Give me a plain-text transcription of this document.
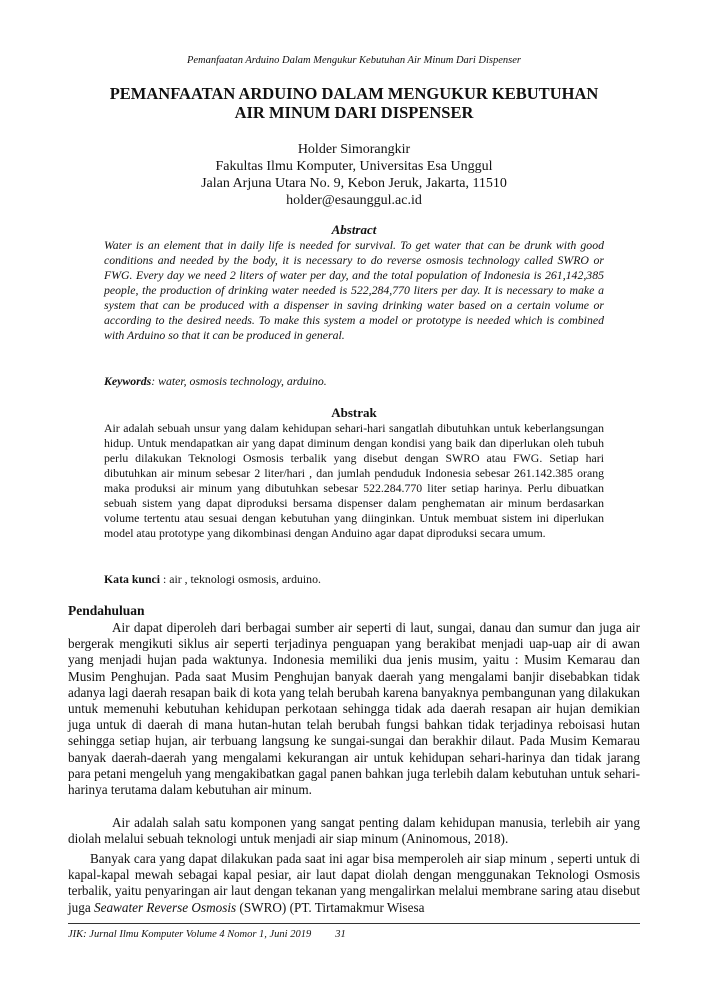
Pemanfaatan Arduino Dalam Mengukur Kebutuhan Air Minum Dari Dispenser
PEMANFAATAN ARDUINO DALAM MENGUKUR KEBUTUHAN
AIR MINUM DARI DISPENSER
Holder Simorangkir
Fakultas Ilmu Komputer, Universitas Esa Unggul
Jalan Arjuna Utara No. 9, Kebon Jeruk, Jakarta, 11510
holder@esaunggul.ac.id
Abstract

Water is an element that in daily life is needed for survival. To get water that can be drunk with good conditions and needed by the body, it is necessary to do reverse osmosis technology called SWRO or FWG. Every day we need 2 liters of water per day, and the total population of Indonesia is 261,142,385 people, the production of drinking water needed is 522,284,770 liters per day. It is necessary to make a system that can be produced with a dispenser in saving drinking water based on a certain volume or according to the desired needs. To make this system a model or prototype is needed which is combined with Arduino so that it can be produced in general.

Keywords: water, osmosis technology, arduino.

Abstrak

Air adalah sebuah unsur yang dalam kehidupan sehari-hari sangatlah dibutuhkan untuk keberlangsungan hidup. Untuk mendapatkan air yang dapat diminum dengan kondisi yang baik dan diperlukan oleh tubuh perlu dilakukan Teknologi Osmosis terbalik yang disebut dengan SWRO atau FWG. Setiap hari dibutuhkan air minum sebesar 2 liter/hari , dan jumlah penduduk Indonesia sebesar 261.142.385 orang maka produksi air minum yang dibutuhkan sebesar 522.284.770 liter setiap harinya. Perlu dibuatkan sebuah sistem yang dapat diproduksi bersama dispenser dalam penghematan air minum berdasarkan volume tertentu atau sesuai dengan kebutuhan yang diinginkan. Untuk membuat sistem ini diperlukan model atau prototype yang dikombinasi dengan Anduino agar dapat diproduksi secara umum.

Kata kunci : air , teknologi osmosis, arduino.

Pendahuluan

Air dapat diperoleh dari berbagai sumber air seperti di laut, sungai, danau dan sumur dan juga air bergerak mengikuti siklus air seperti terjadinya penguapan yang berakibat menjadi uap-uap air di awan yang menjadi hujan pada waktunya. Indonesia memiliki dua jenis musim, yaitu : Musim Kemarau dan Musim Penghujan. Pada saat Musim Penghujan banyak daerah yang mengalami banjir disebabkan tidak adanya lagi daerah resapan baik di kota yang telah berubah karena banyaknya pembangunan yang dilakukan untuk memenuhi kebutuhan kehidupan perkotaan sehingga tidak ada daerah resapan air hujan demikian juga untuk di daerah di mana hutan-hutan telah berubah fungsi bahkan tidak terjadinya reboisasi hutan sehingga setiap hujan, air terbuang langsung ke sungai-sungai dan berakhir dilaut. Pada Musim Kemarau banyak daerah-daerah yang mengalami kekurangan air untuk kehidupan sehari-harinya dan tidak jarang para petani mengeluh yang mengakibatkan gagal panen bahkan juga terlebih dalam kebutuhan untuk sehari-harinya terutama dalam kebutuhan air minum.

Air adalah salah satu komponen yang sangat penting dalam kehidupan manusia, terlebih air yang diolah melalui sebuah teknologi untuk menjadi air siap minum (Aninomous, 2018).

Banyak cara yang dapat dilakukan pada saat ini agar bisa memperoleh air siap minum , seperti untuk di kapal-kapal mewah sebagai kapal pesiar, air laut dapat diolah dengan menggunakan Teknologi Osmosis terbalik, yaitu penyaringan air laut dengan tekanan yang mengalirkan melalui membrane saring atau disebut juga Seawater Reverse Osmosis (SWRO) (PT. Tirtamakmur Wisesa

JIK: Jurnal Ilmu Komputer Volume 4 Nomor 1, Juni 2019 31
